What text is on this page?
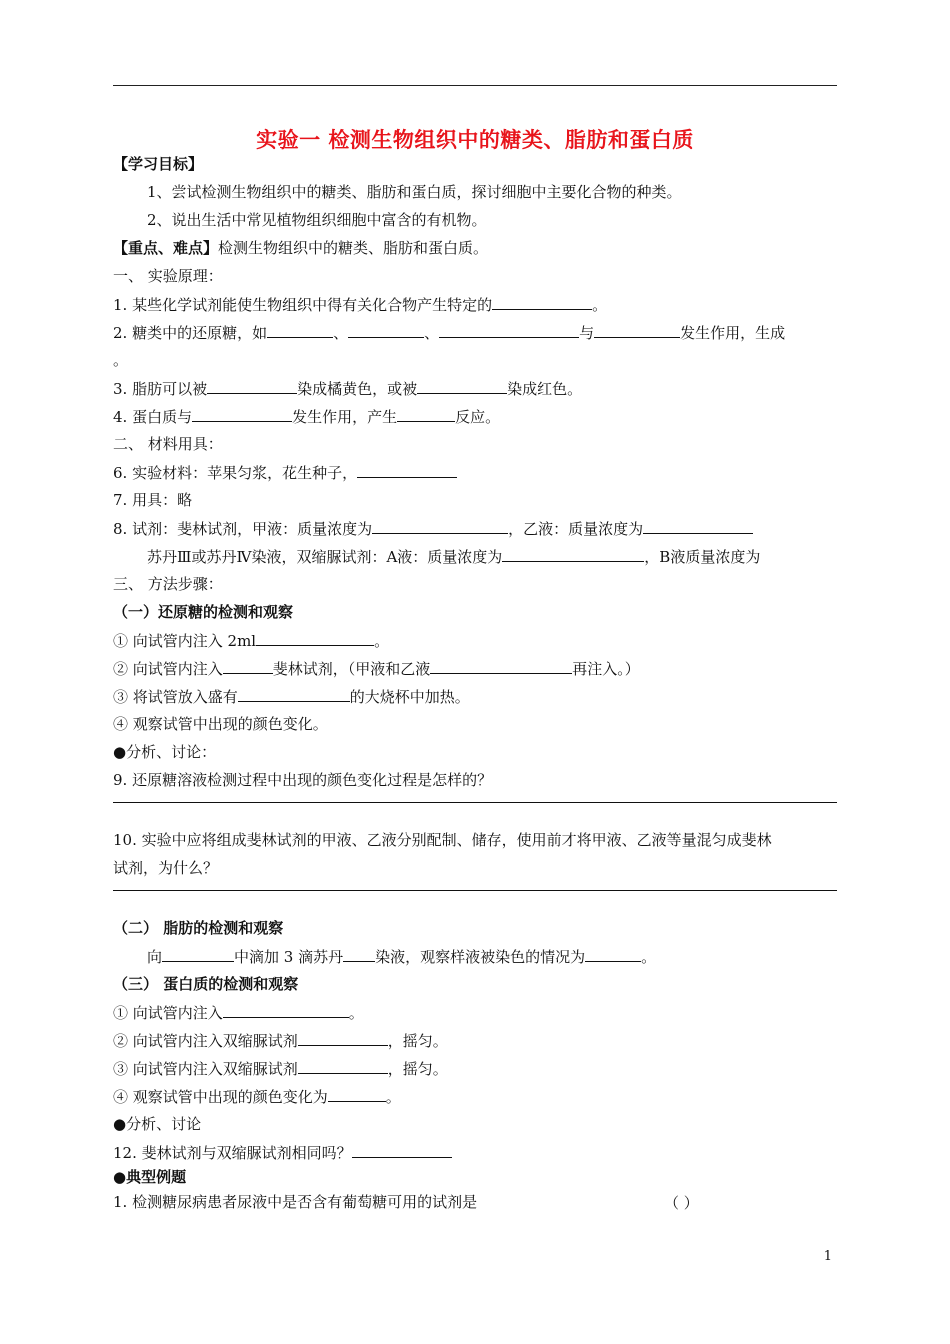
实验一 检测生物组织中的糖类、脂肪和蛋白质
【学习目标】
1、尝试检测生物组织中的糖类、脂肪和蛋白质，探讨细胞中主要化合物的种类。
2、说出生活中常见植物组织细胞中富含的有机物。
【重点、难点】检测生物组织中的糖类、脂肪和蛋白质。
一、 实验原理：
1. 某些化学试剂能使生物组织中得有关化合物产生特定的	。
2. 糖类中的还原糖，如	、	、	与	发生作用，生成
。
3. 脂肪可以被	染成橘黄色，或被	染成红色。
4. 蛋白质与	发生作用，产生	反应。
二、 材料用具：
6. 实验材料：苹果匀浆，花生种子，
7. 用具：略
8. 试剂：斐林试剂，甲液：质量浓度为	，乙液：质量浓度为
苏丹Ⅲ或苏丹Ⅳ染液，双缩脲试剂：A液：质量浓度为	，B液质量浓度为
三、 方法步骤：
（一）还原糖的检测和观察
① 向试管内注入 2ml	。
② 向试管内注入	斐林试剂，（甲液和乙液	再注入。）
③ 将试管放入盛有	的大烧杯中加热。
④ 观察试管中出现的颜色变化。
●分析、讨论：
9. 还原糖溶液检测过程中出现的颜色变化过程是怎样的？
10. 实验中应将组成斐林试剂的甲液、乙液分别配制、储存，使用前才将甲液、乙液等量混匀成斐林
试剂，为什么？
（二） 脂肪的检测和观察
向	中滴加 3 滴苏丹 染液，观察样液被染色的情况为	。
（三） 蛋白质的检测和观察
① 向试管内注入	。
② 向试管内注入双缩脲试剂	，摇匀。
③ 向试管内注入双缩脲试剂	，摇匀。
④ 观察试管中出现的颜色变化为	。
●分析、讨论
12. 斐林试剂与双缩脲试剂相同吗？
●典型例题
1. 检测糖尿病患者尿液中是否含有葡萄糖可用的试剂是	（ ）
1
